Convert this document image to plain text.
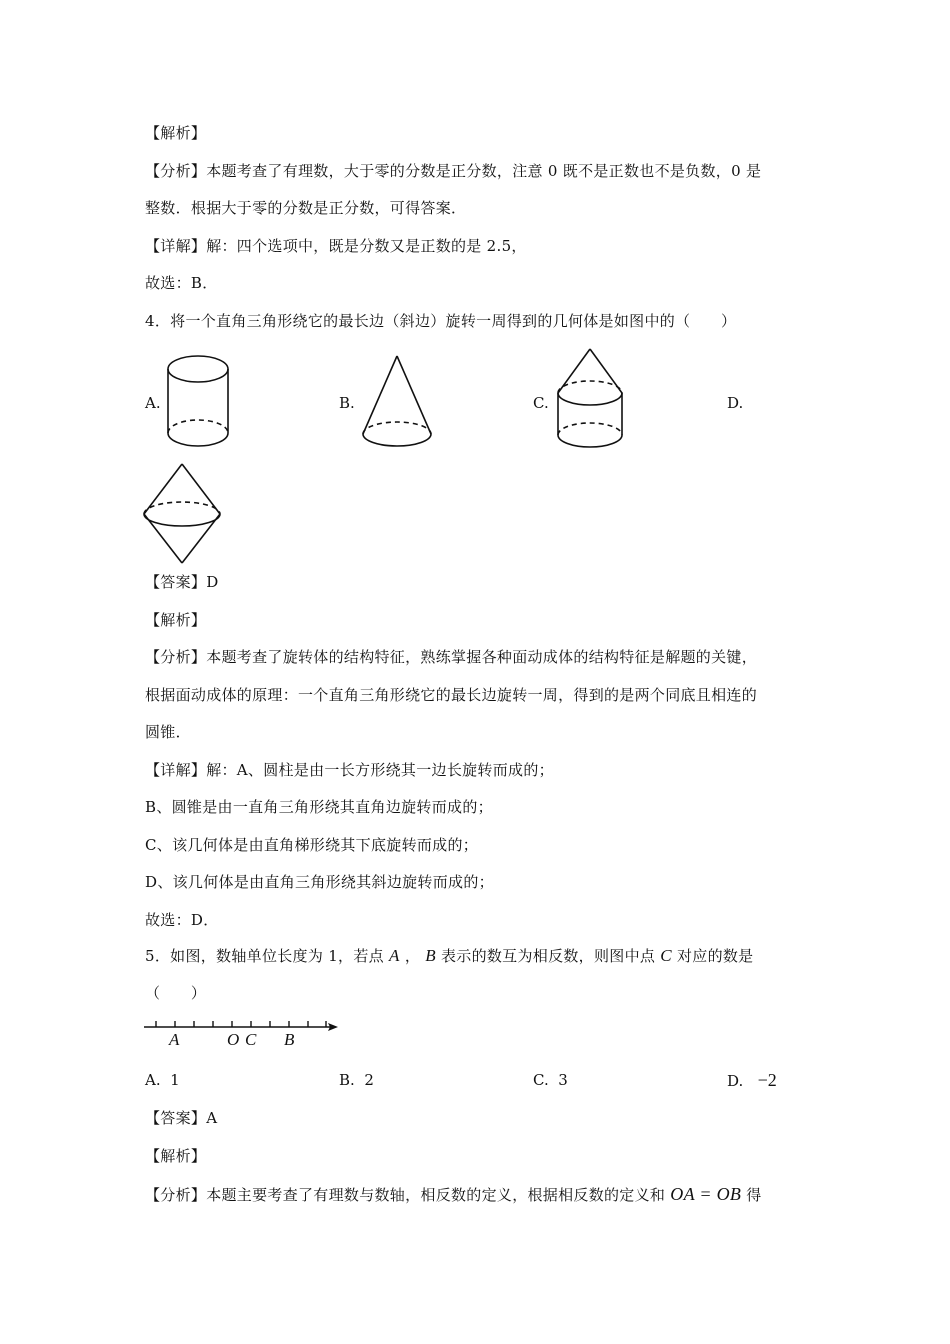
【解析】
【分析】本题考查了有理数，大于零的分数是正分数，注意 0 既不是正数也不是负数，0 是
整数．根据大于零的分数是正分数，可得答案．
【详解】解：四个选项中，既是分数又是正数的是 2.5，
故选：B．
4．将一个直角三角形绕它的最长边（斜边）旋转一周得到的几何体是如图中的（　　）
A.	B.	C.	D.
【答案】D
【解析】
【分析】本题考查了旋转体的结构特征，熟练掌握各种面动成体的结构特征是解题的关键，
根据面动成体的原理：一个直角三角形绕它的最长边旋转一周，得到的是两个同底且相连的
圆锥．
【详解】解：A、圆柱是由一长方形绕其一边长旋转而成的；
B、圆锥是由一直角三角形绕其直角边旋转而成的；
C、该几何体是由直角梯形绕其下底旋转而成的；
D、该几何体是由直角三角形绕其斜边旋转而成的；
故选：D．
5．如图，数轴单位长度为 1，若点 A ， B 表示的数互为相反数，则图中点 C 对应的数是
（　　）
A	O C B
A. 1	B. 2	C. 3	D. −2
【答案】A
【解析】
【分析】本题主要考查了有理数与数轴，相反数的定义，根据相反数的定义和 OA = OB 得
